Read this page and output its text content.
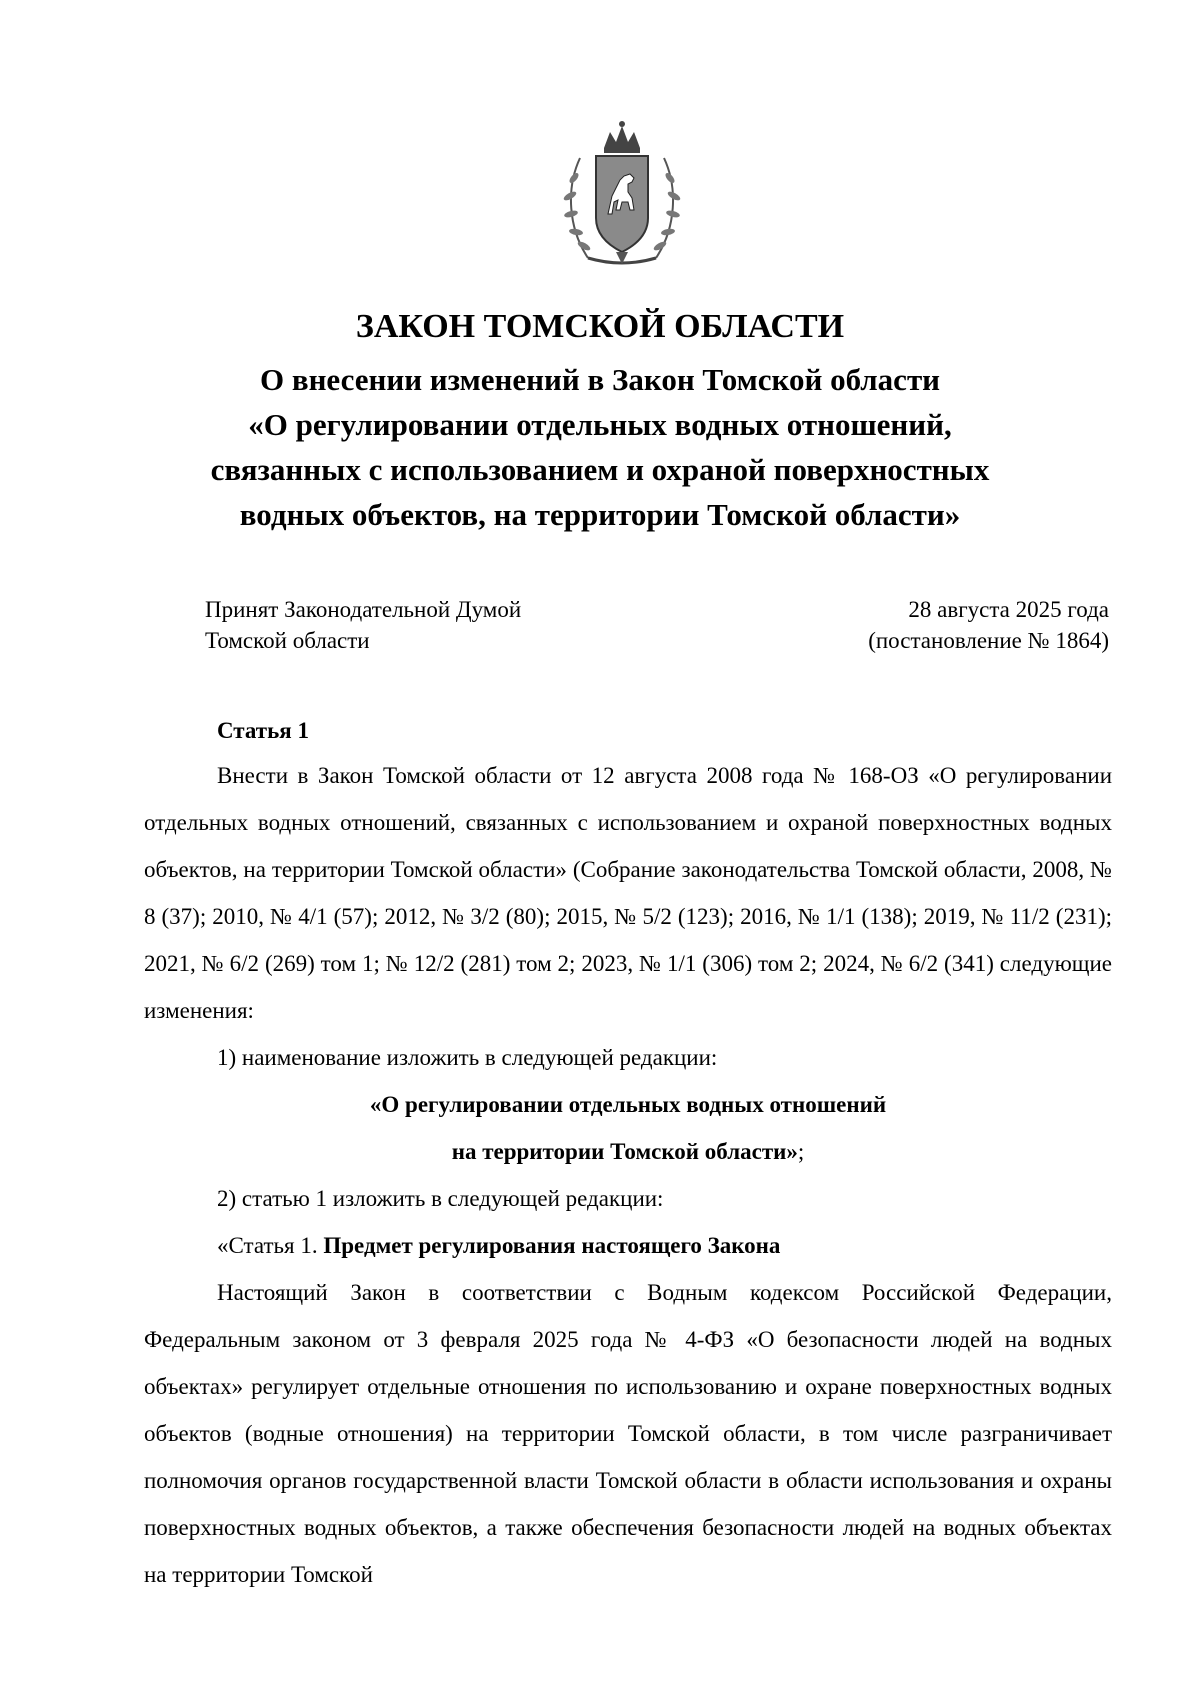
ЗАКОН ТОМСКОЙ ОБЛАСТИ

О внесении изменений в Закон Томской области

«О регулировании отдельных водных отношений,

связанных с использованием и охраной поверхностных

водных объектов, на территории Томской области»

Принят Законодательной Думой
Томской области
28 августа 2025 года
(постановление № 1864)
Статья 1

Внести в Закон Томской области от 12 августа 2008 года № 168-ОЗ «О регулировании отдельных водных отношений, связанных с использованием и охраной поверхностных водных объектов, на территории Томской области» (Собрание законодательства Томской области, 2008, № 8 (37); 2010, № 4/1 (57); 2012, № 3/2 (80); 2015, № 5/2 (123); 2016, № 1/1 (138); 2019, № 11/2 (231); 2021, № 6/2 (269) том 1; № 12/2 (281) том 2; 2023, № 1/1 (306) том 2; 2024, № 6/2 (341) следующие изменения:

1) наименование изложить в следующей редакции:

«О регулировании отдельных водных отношений

на территории Томской области»;

2) статью 1 изложить в следующей редакции:

«Статья 1. Предмет регулирования настоящего Закона

Настоящий Закон в соответствии с Водным кодексом Российской Федерации, Федеральным законом от 3 февраля 2025 года № 4-ФЗ «О безопасности людей на водных объектах» регулирует отдельные отношения по использованию и охране поверхностных водных объектов (водные отношения) на территории Томской области, в том числе разграничивает полномочия органов государственной власти Томской области в области использования и охраны поверхностных водных объектов, а также обеспечения безопасности людей на водных объектах на территории Томской
